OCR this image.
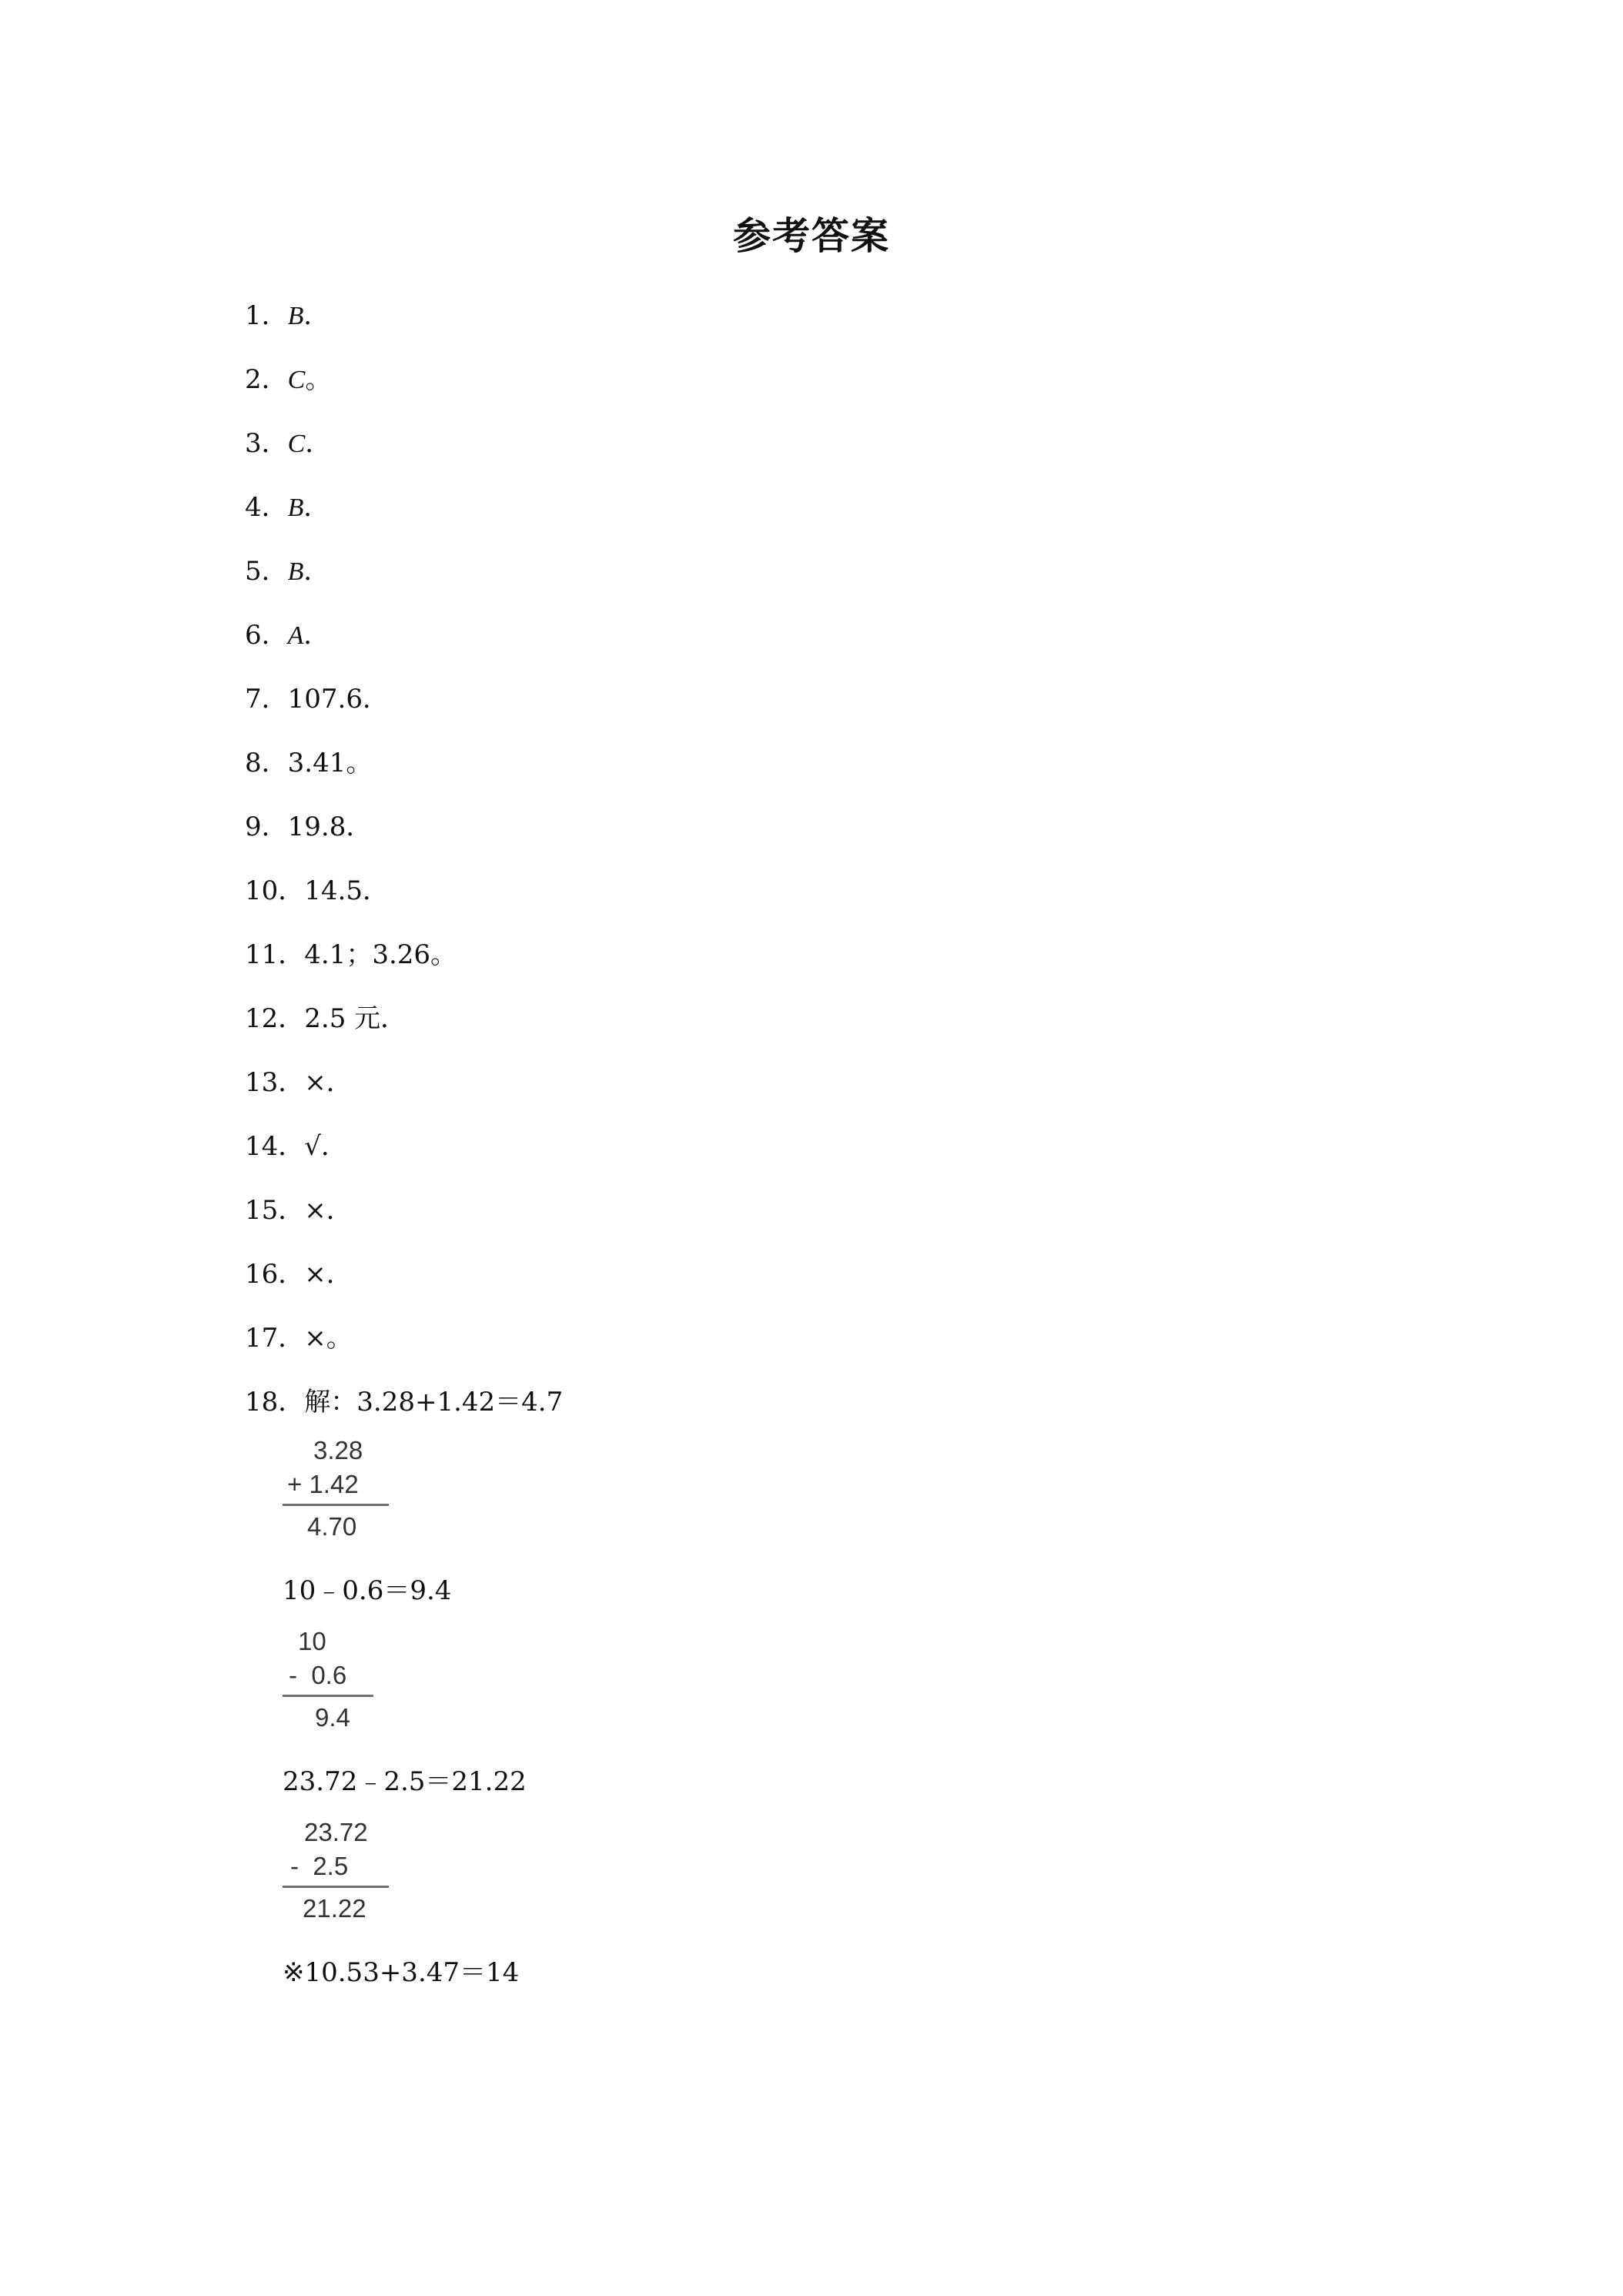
参考答案
1．B．
2．C。
3．C．
4．B．
5．B．
6．A．
7．107.6．
8．3.41。
9．19.8．
10．14.5．
11．4.1；3.26。
12．2.5 元．
13．×．
14．√．
15．×．
16．×．
17．×。
18．解：3.28+1.42＝4.7
3.28
+ 1.42
4.70
10﹣0.6＝9.4
10
-  0.6
9.4
23.72﹣2.5＝21.22
23.72
-  2.5
21.22
※10.53+3.47＝14
